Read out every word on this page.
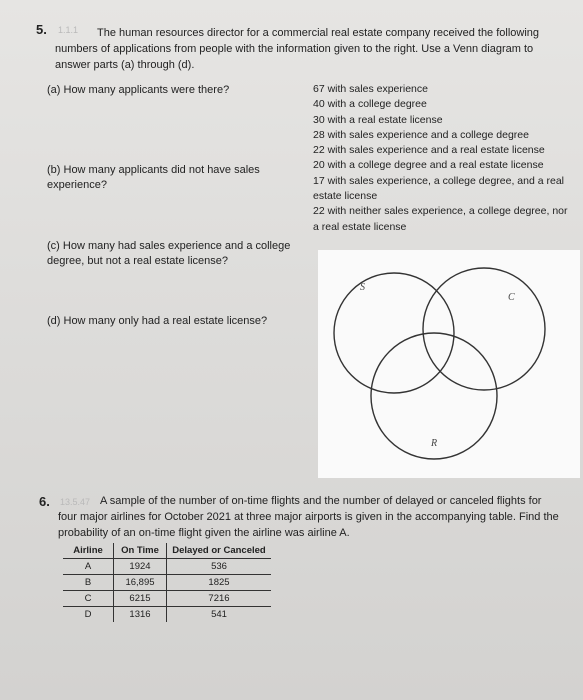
5. 1.1.1 The human resources director for a commercial real estate company received the following
numbers of applications from people with the information given to the right. Use a Venn diagram to
answer parts (a) through (d).
(a) How many applicants were there?
(b) How many applicants did not have sales
experience?
(c) How many had sales experience and a college
degree, but not a real estate license?
(d) How many only had a real estate license?
67 with sales experience
40 with a college degree
30 with a real estate license
28 with sales experience and a college degree
22 with sales experience and a real estate license
20 with a college degree and a real estate license
17 with sales experience, a college degree, and a real
estate license
22 with neither sales experience, a college degree, nor
a real estate license
S
C
R
6. 13.5.47 A sample of the number of on-time flights and the number of delayed or canceled flights for
four major airlines for October 2021 at three major airports is given in the accompanying table. Find the
probability of an on-time flight given the airline was airline A.
Airline	On Time	Delayed or Canceled
A	1924	536
B	16,895	1825
C	6215	7216
D	1316	541
